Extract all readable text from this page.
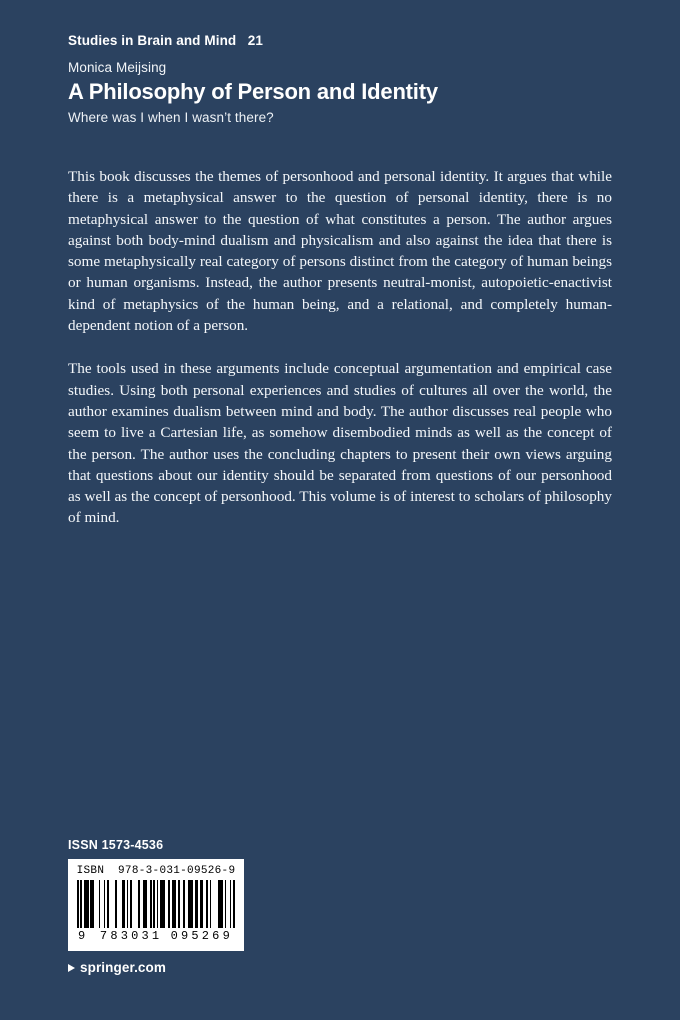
Studies in Brain and Mind   21

Monica Meijsing

A Philosophy of Person and Identity

Where was I when I wasn’t there?

This book discusses the themes of personhood and personal identity. It argues that while there is a metaphysical answer to the question of personal identity, there is no metaphysical answer to the question of what constitutes a person. The author argues against both body-mind dualism and physicalism and also against the idea that there is some metaphysically real category of persons distinct from the category of human beings or human organisms. Instead, the author presents neutral-monist, autopoietic-enactivist kind of metaphysics of the human being, and a relational, and completely human-dependent notion of a person.

The tools used in these arguments include conceptual argumentation and empirical case studies. Using both personal experiences and studies of cultures all over the world, the author examines dualism between mind and body. The author discusses real people who seem to live a Cartesian life, as somehow disembodied minds as well as the concept of the person. The author uses the concluding chapters to present their own views arguing that questions about our identity should be separated from questions of our personhood as well as the concept of personhood. This volume is of interest to scholars of philosophy of mind.

ISSN 1573-4536

ISBN  978-3-031-09526-9
9	783031 095269
springer.com
